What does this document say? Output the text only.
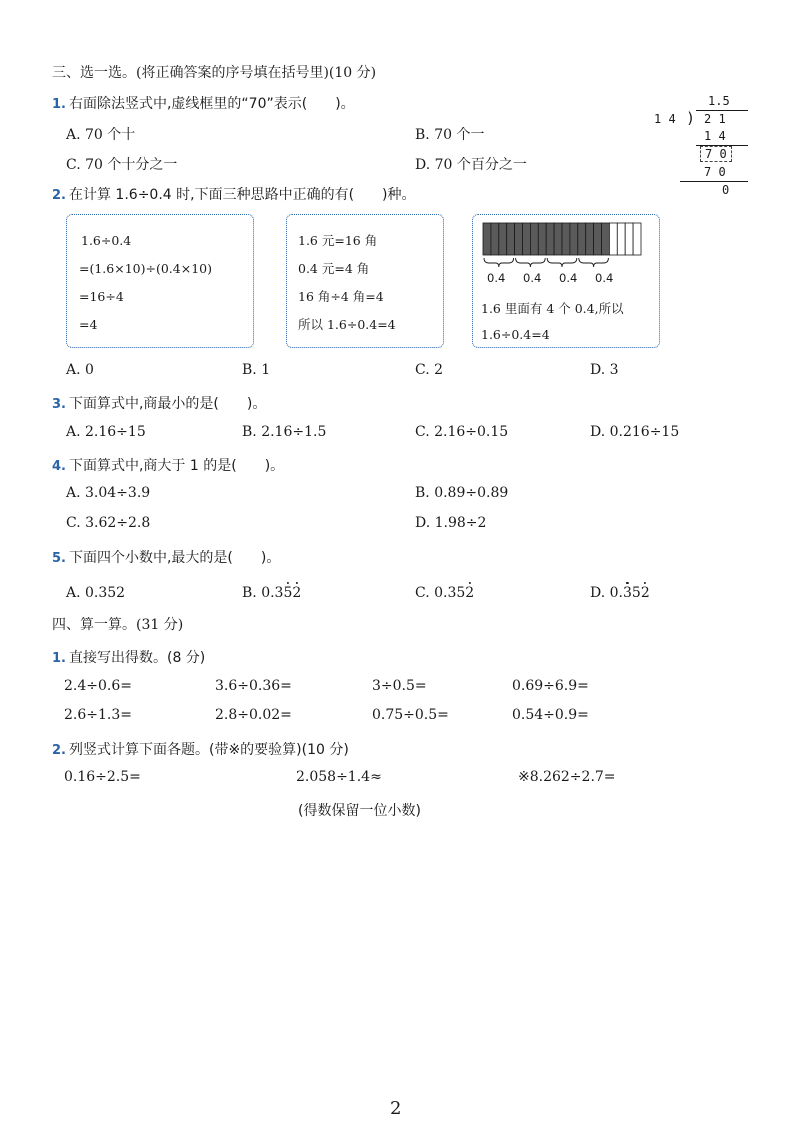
三、选一选。(将正确答案的序号填在括号里)(10 分)
1. 右面除法竖式中,虚线框里的“70”表示(　　)。
A. 70 个十	B. 70 个一
C. 70 个十分之一	D. 70 个百分之一
1.5
1 4 ) 2 1
1 4
7 0
7 0
0
2. 在计算 1.6÷0.4 时,下面三种思路中正确的有(　　)种。
1.6÷0.4
=(1.6×10)÷(0.4×10)
=16÷4
=4
1.6 元=16 角
0.4 元=4 角
16 角÷4 角=4
所以 1.6÷0.4=4
0.4 0.4 0.4 0.4
1.6 里面有 4 个 0.4,所以
1.6÷0.4=4
A. 0	B. 1	C. 2	D. 3
3. 下面算式中,商最小的是(　　)。
A. 2.16÷15	B. 2.16÷1.5	C. 2.16÷0.15	D. 0.216÷15
4. 下面算式中,商大于 1 的是(　　)。
A. 3.04÷3.9	B. 0.89÷0.89
C. 3.62÷2.8	D. 1.98÷2
5. 下面四个小数中,最大的是(　　)。
A. 0.352	B. 0.352	C. 0.352	D. 0.352
四、算一算。(31 分)
1. 直接写出得数。(8 分)
2.4÷0.6=	3.6÷0.36=	3÷0.5=	0.69÷6.9=
2.6÷1.3=	2.8÷0.02=	0.75÷0.5=	0.54÷0.9=
2. 列竖式计算下面各题。(带※的要验算)(10 分)
0.16÷2.5=	2.058÷1.4≈	※8.262÷2.7=
(得数保留一位小数)
2
